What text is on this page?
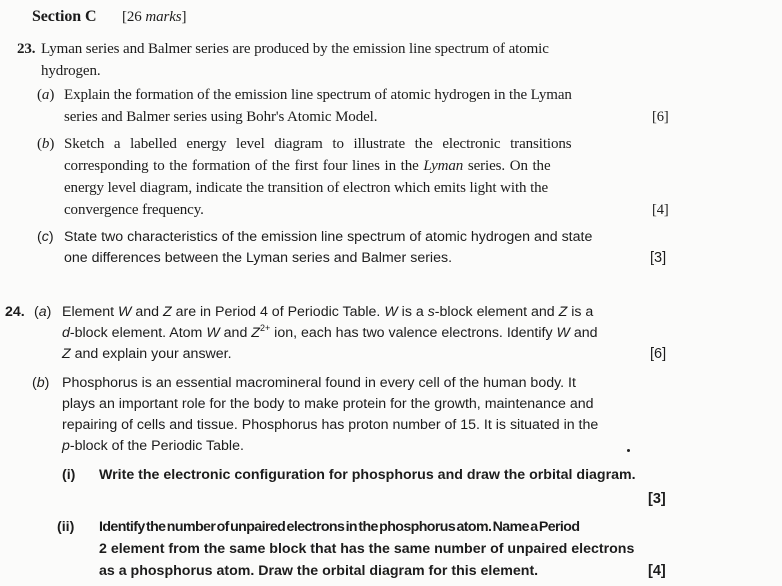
Section C [26 marks]
23. Lyman series and Balmer series are produced by the emission line spectrum of atomic
hydrogen.
(a) Explain the formation of the emission line spectrum of atomic hydrogen in the Lyman
series and Balmer series using Bohr's Atomic Model.	[6]
(b) Sketch a labelled energy level diagram to illustrate the electronic transitions
corresponding to the formation of the first four lines in the Lyman series. On the
energy level diagram, indicate the transition of electron which emits light with the
convergence frequency.	[4]
(c) State two characteristics of the emission line spectrum of atomic hydrogen and state
one differences between the Lyman series and Balmer series.	[3]
24. (a) Element W and Z are in Period 4 of Periodic Table. W is a s-block element and Z is a
d-block element. Atom W and $Z^{2+}$ ion, each has two valence electrons. Identify W and
Z and explain your answer.	[6]
(b) Phosphorus is an essential macromineral found in every cell of the human body. It
plays an important role for the body to make protein for the growth, maintenance and
repairing of cells and tissue. Phosphorus has proton number of 15. It is situated in the
p-block of the Periodic Table.
(i) Write the electronic configuration for phosphorus and draw the orbital diagram.
[3]
(ii) Identify the number of unpaired electrons in the phosphorus atom. Name a Period
2 element from the same block that has the same number of unpaired electrons
as a phosphorus atom. Draw the orbital diagram for this element.	[4]
